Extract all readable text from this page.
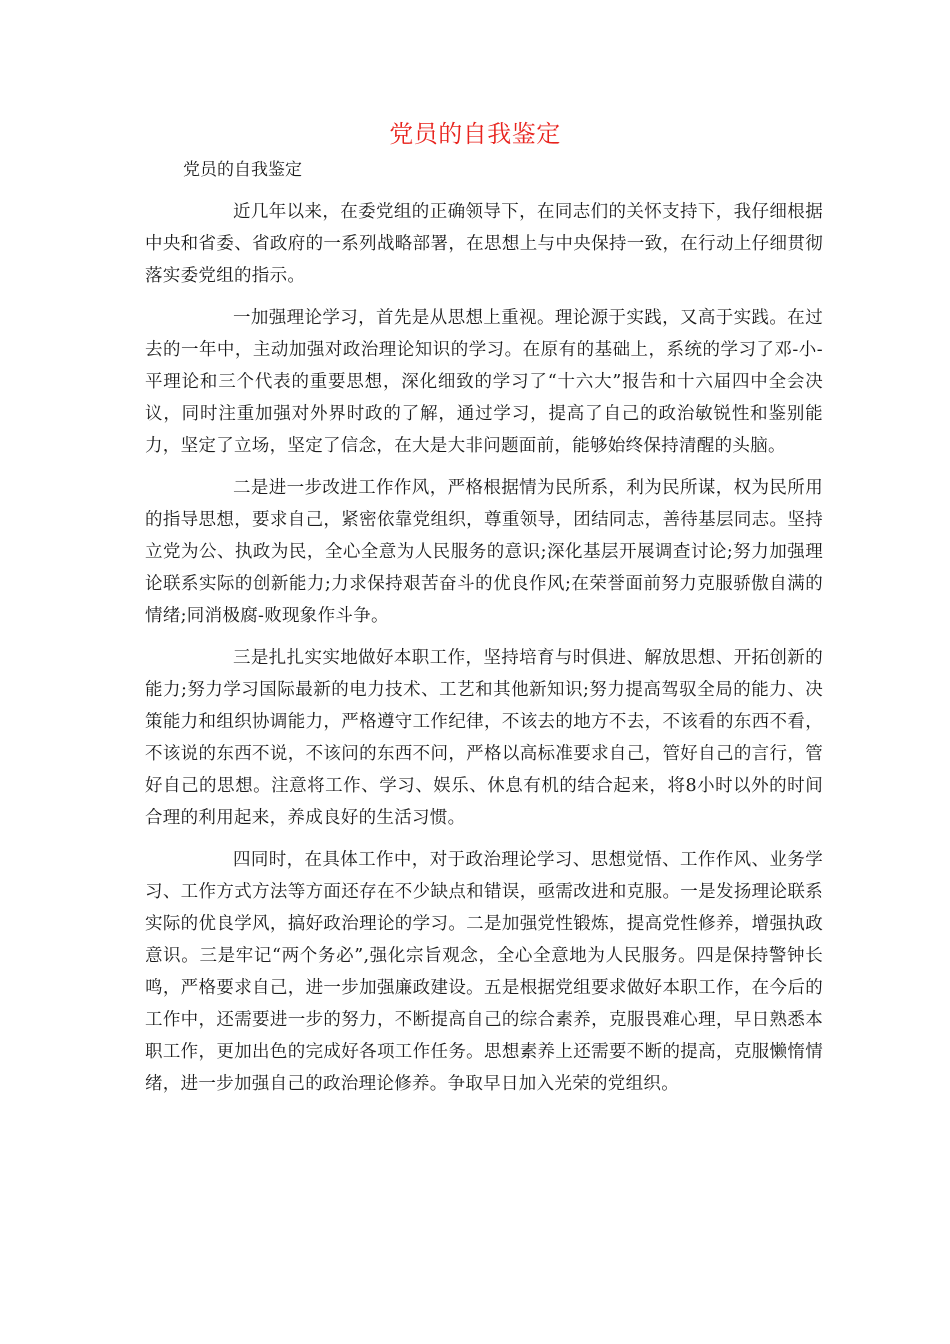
党员的自我鉴定

党员的自我鉴定

近几年以来，在委党组的正确领导下，在同志们的关怀支持下，我仔细根据中央和省委、省政府的一系列战略部署，在思想上与中央保持一致，在行动上仔细贯彻落实委党组的指示。

一加强理论学习，首先是从思想上重视。理论源于实践，又高于实践。在过去的一年中，主动加强对政治理论知识的学习。在原有的基础上，系统的学习了邓-小-平理论和三个代表的重要思想，深化细致的学习了“十六大”报告和十六届四中全会决议，同时注重加强对外界时政的了解，通过学习，提高了自己的政治敏锐性和鉴别能力，坚定了立场，坚定了信念，在大是大非问题面前，能够始终保持清醒的头脑。

二是进一步改进工作作风，严格根据情为民所系，利为民所谋，权为民所用的指导思想，要求自己，紧密依靠党组织，尊重领导，团结同志，善待基层同志。坚持立党为公、执政为民，全心全意为人民服务的意识;深化基层开展调查讨论;努力加强理论联系实际的创新能力;力求保持艰苦奋斗的优良作风;在荣誉面前努力克服骄傲自满的情绪;同消极腐-败现象作斗争。

三是扎扎实实地做好本职工作，坚持培育与时俱进、解放思想、开拓创新的能力;努力学习国际最新的电力技术、工艺和其他新知识;努力提高驾驭全局的能力、决策能力和组织协调能力，严格遵守工作纪律，不该去的地方不去，不该看的东西不看，不该说的东西不说，不该问的东西不问，严格以高标准要求自己，管好自己的言行，管好自己的思想。注意将工作、学习、娱乐、休息有机的结合起来，将8小时以外的时间合理的利用起来，养成良好的生活习惯。

四同时，在具体工作中，对于政治理论学习、思想觉悟、工作作风、业务学习、工作方式方法等方面还存在不少缺点和错误，亟需改进和克服。一是发扬理论联系实际的优良学风，搞好政治理论的学习。二是加强党性锻炼，提高党性修养，增强执政意识。三是牢记“两个务必”,强化宗旨观念，全心全意地为人民服务。四是保持警钟长鸣，严格要求自己，进一步加强廉政建设。五是根据党组要求做好本职工作，在今后的工作中，还需要进一步的努力，不断提高自己的综合素养，克服畏难心理，早日熟悉本职工作，更加出色的完成好各项工作任务。思想素养上还需要不断的提高，克服懒惰情绪，进一步加强自己的政治理论修养。争取早日加入光荣的党组织。
